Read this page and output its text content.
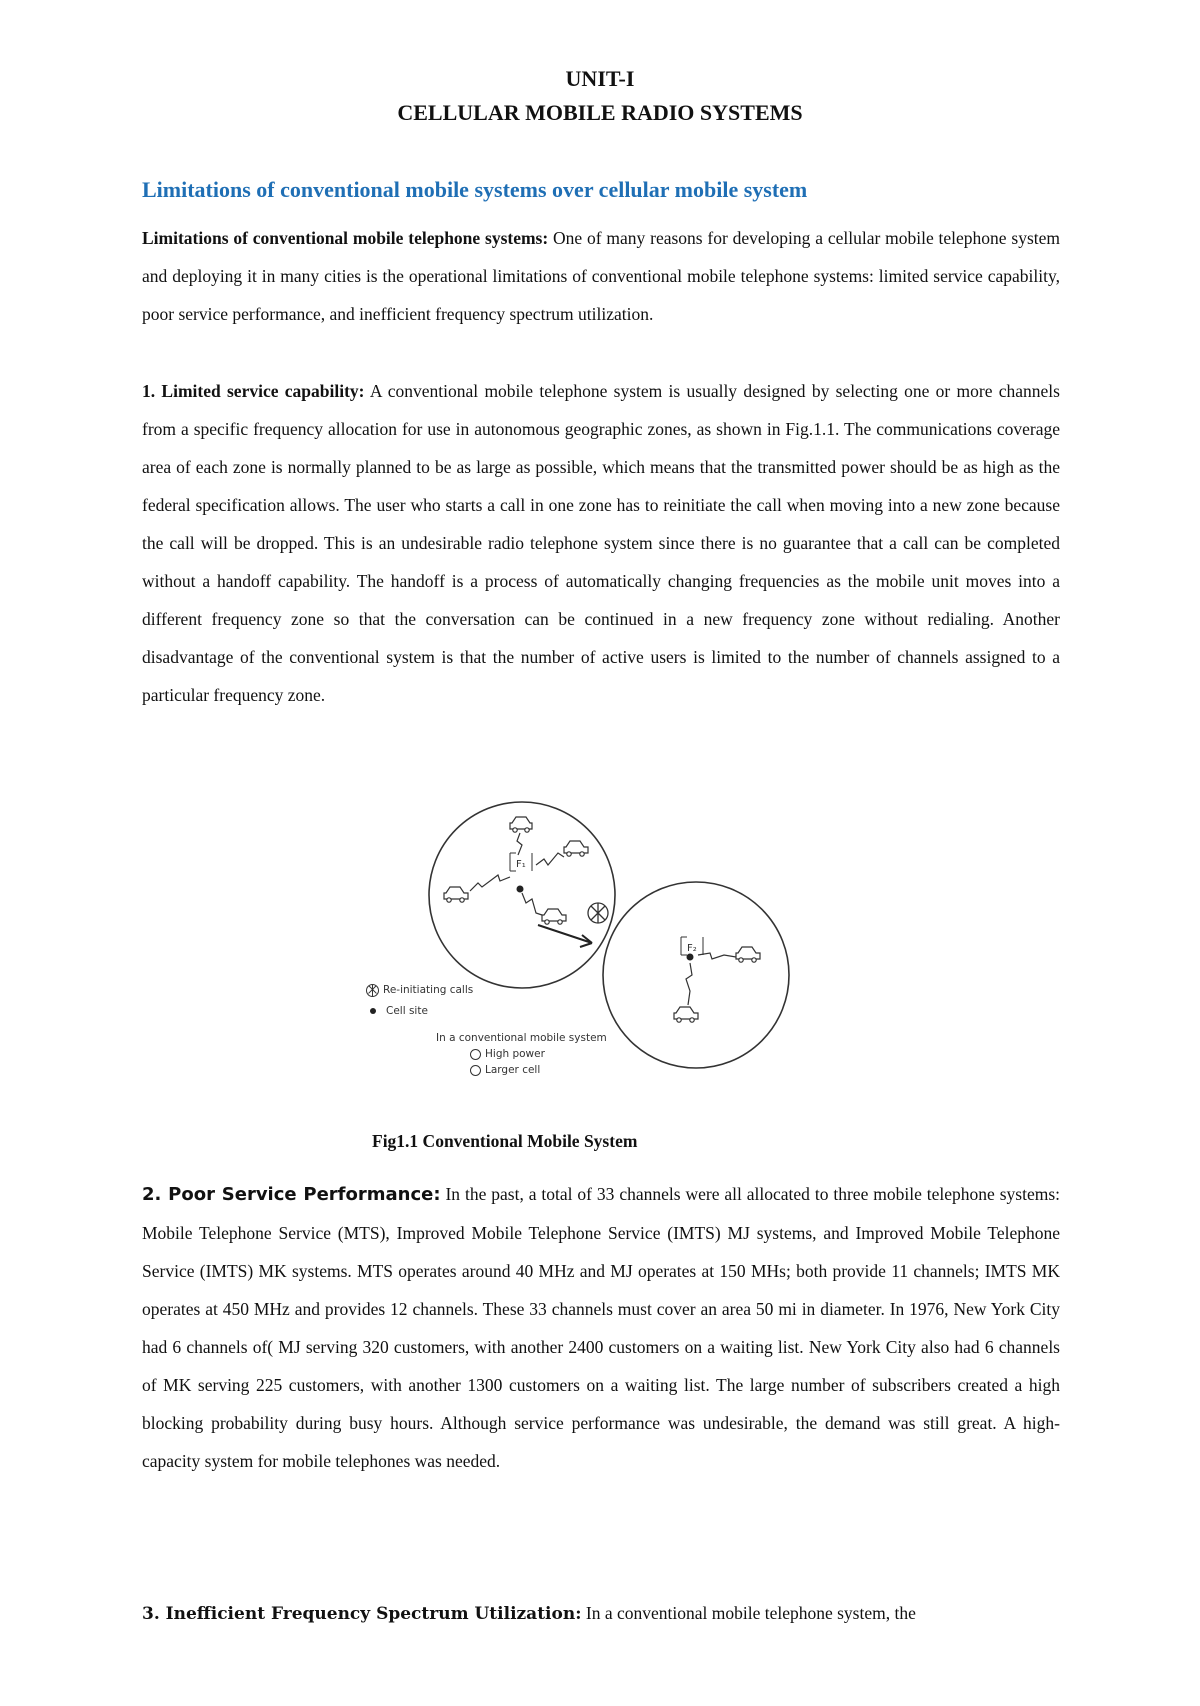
UNIT-I
CELLULAR MOBILE RADIO SYSTEMS
Limitations of conventional mobile systems over cellular mobile system

Limitations of conventional mobile telephone systems: One of many reasons for developing a cellular mobile telephone system and deploying it in many cities is the operational limitations of conventional mobile telephone systems: limited service capability, poor service performance, and inefficient frequency spectrum utilization.

1. Limited service capability: A conventional mobile telephone system is usually designed by selecting one or more channels from a specific frequency allocation for use in autonomous geographic zones, as shown in Fig.1.1. The communications coverage area of each zone is normally planned to be as large as possible, which means that the transmitted power should be as high as the federal specification allows. The user who starts a call in one zone has to reinitiate the call when moving into a new zone because the call will be dropped. This is an undesirable radio telephone system since there is no guarantee that a call can be completed without a handoff capability. The handoff is a process of automatically changing frequencies as the mobile unit moves into a different frequency zone so that the conversation can be continued in a new frequency zone without redialing. Another disadvantage of the conventional system is that the number of active users is limited to the number of channels assigned to a particular frequency zone.

F₁
F₂
Re-initiating calls
Cell site
In a conventional mobile system
High power
Larger cell
Fig1.1 Conventional Mobile System

2. Poor Service Performance: In the past, a total of 33 channels were all allocated to three mobile telephone systems: Mobile Telephone Service (MTS), Improved Mobile Telephone Service (IMTS) MJ systems, and Improved Mobile Telephone Service (IMTS) MK systems. MTS operates around 40 MHz and MJ operates at 150 MHs; both provide 11 channels; IMTS MK operates at 450 MHz and provides 12 channels. These 33 channels must cover an area 50 mi in diameter. In 1976, New York City had 6 channels of( MJ serving 320 customers, with another 2400 customers on a waiting list. New York City also had 6 channels of MK serving 225 customers, with another 1300 customers on a waiting list. The large number of subscribers created a high blocking probability during busy hours. Although service performance was undesirable, the demand was still great. A high-capacity system for mobile telephones was needed.

3. Inefficient Frequency Spectrum Utilization: In a conventional mobile telephone system, the
